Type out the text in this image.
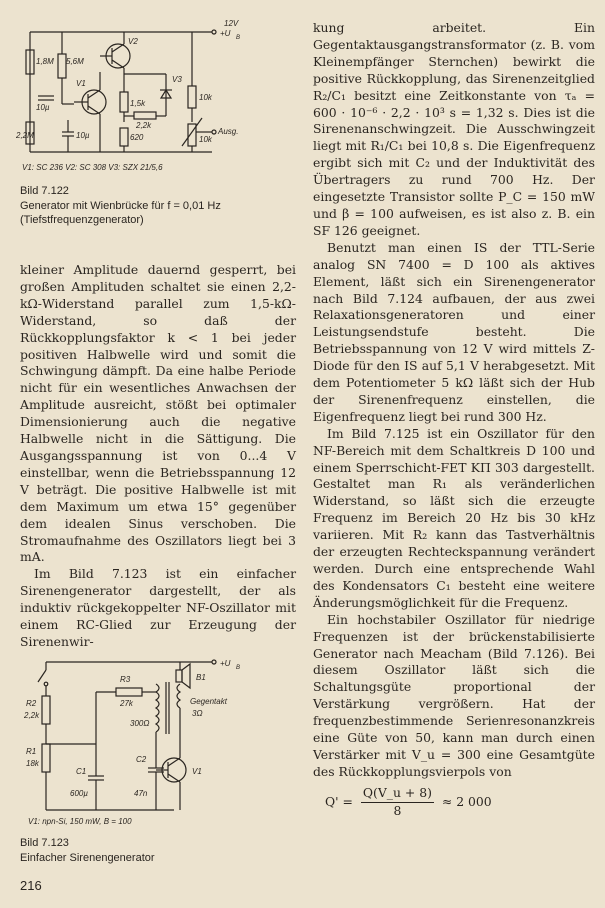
12V
+U B
1,8M 5,6M
V2
V1	V3
10µ	1,5k
2,2k
10k
2,2M	10µ	620	10k
Ausg.
V1: SC 236 V2: SC 308 V3: SZX 21/5,6
Bild 7.122
Generator mit Wienbrücke für f = 0,01 Hz (Tiefstfrequenzgenerator)

kleiner Amplitude dauernd gesperrt, bei großen Amplituden schaltet sie einen 2,2-kΩ-Widerstand parallel zum 1,5-kΩ-Widerstand, so daß der Rückkopplungsfaktor k < 1 bei jeder positiven Halbwelle wird und somit die Schwingung dämpft. Da eine halbe Periode nicht für ein wesentliches Anwachsen der Amplitude ausreicht, stößt bei optimaler Dimensionierung auch die negative Halbwelle nicht in die Sättigung. Die Ausgangsspannung ist von 0...4 V einstellbar, wenn die Betriebsspannung 12 V beträgt. Die positive Halbwelle ist mit dem Maximum um etwa 15° gegenüber dem idealen Sinus verschoben. Die Stromaufnahme des Oszillators liegt bei 3 mA.

Im Bild 7.123 ist ein einfacher Sirenengenerator dargestellt, der als induktiv rückgekoppelter NF-Oszillator mit einem RC-Glied zur Erzeugung der Sirenenwir-

+U B
B1
R3
27k	Gegentakt
3Ω
300Ω
R2
2,2k
R1
18k
C1
600µ
C2
47n
V1
V1: npn-Si, 150 mW, B = 100
Bild 7.123
Einfacher Sirenengenerator
216

kung arbeitet. Ein Gegentaktausgangstransformator (z. B. vom Kleinempfänger Sternchen) bewirkt die positive Rückkopplung, das Sirenenzeitglied R₂/C₁ besitzt eine Zeitkonstante von τₐ = 600 · 10⁻⁶ · 2,2 · 10³ s = 1,32 s. Dies ist die Sirenenanschwingzeit. Die Ausschwingzeit liegt mit R₁/C₁ bei 10,8 s. Die Eigenfrequenz ergibt sich mit C₂ und der Induktivität des Übertragers zu rund 700 Hz. Der eingesetzte Transistor sollte P_C = 150 mW und β = 100 aufweisen, es ist also z. B. ein SF 126 geeignet.

Benutzt man einen IS der TTL-Serie analog SN 7400 = D 100 als aktives Element, läßt sich ein Sirenengenerator nach Bild 7.124 aufbauen, der aus zwei Relaxationsgeneratoren und einer Leistungsendstufe besteht. Die Betriebsspannung von 12 V wird mittels Z-Diode für den IS auf 5,1 V herabgesetzt. Mit dem Potentiometer 5 kΩ läßt sich der Hub der Sirenenfrequenz einstellen, die Eigenfrequenz liegt bei rund 300 Hz.

Im Bild 7.125 ist ein Oszillator für den NF-Bereich mit dem Schaltkreis D 100 und einem Sperrschicht-FET KП 303 dargestellt. Gestaltet man R₁ als veränderlichen Widerstand, so läßt sich die erzeugte Frequenz im Bereich 20 Hz bis 30 kHz variieren. Mit R₂ kann das Tastverhältnis der erzeugten Rechteckspannung verändert werden. Durch eine entsprechende Wahl des Kondensators C₁ besteht eine weitere Änderungsmöglichkeit für die Frequenz.

Ein hochstabiler Oszillator für niedrige Frequenzen ist der brückenstabilisierte Generator nach Meacham (Bild 7.126). Bei diesem Oszillator läßt sich die Schaltungsgüte proportional der Verstärkung vergrößern. Hat der frequenzbestimmende Serienresonanzkreis eine Güte von 50, kann man durch einen Verstärker mit V_u = 300 eine Gesamtgüte des Rückkopplungsvierpols von

$Q' = \frac{Q(V\_u + 8)}{8} \approx 2$ 000
